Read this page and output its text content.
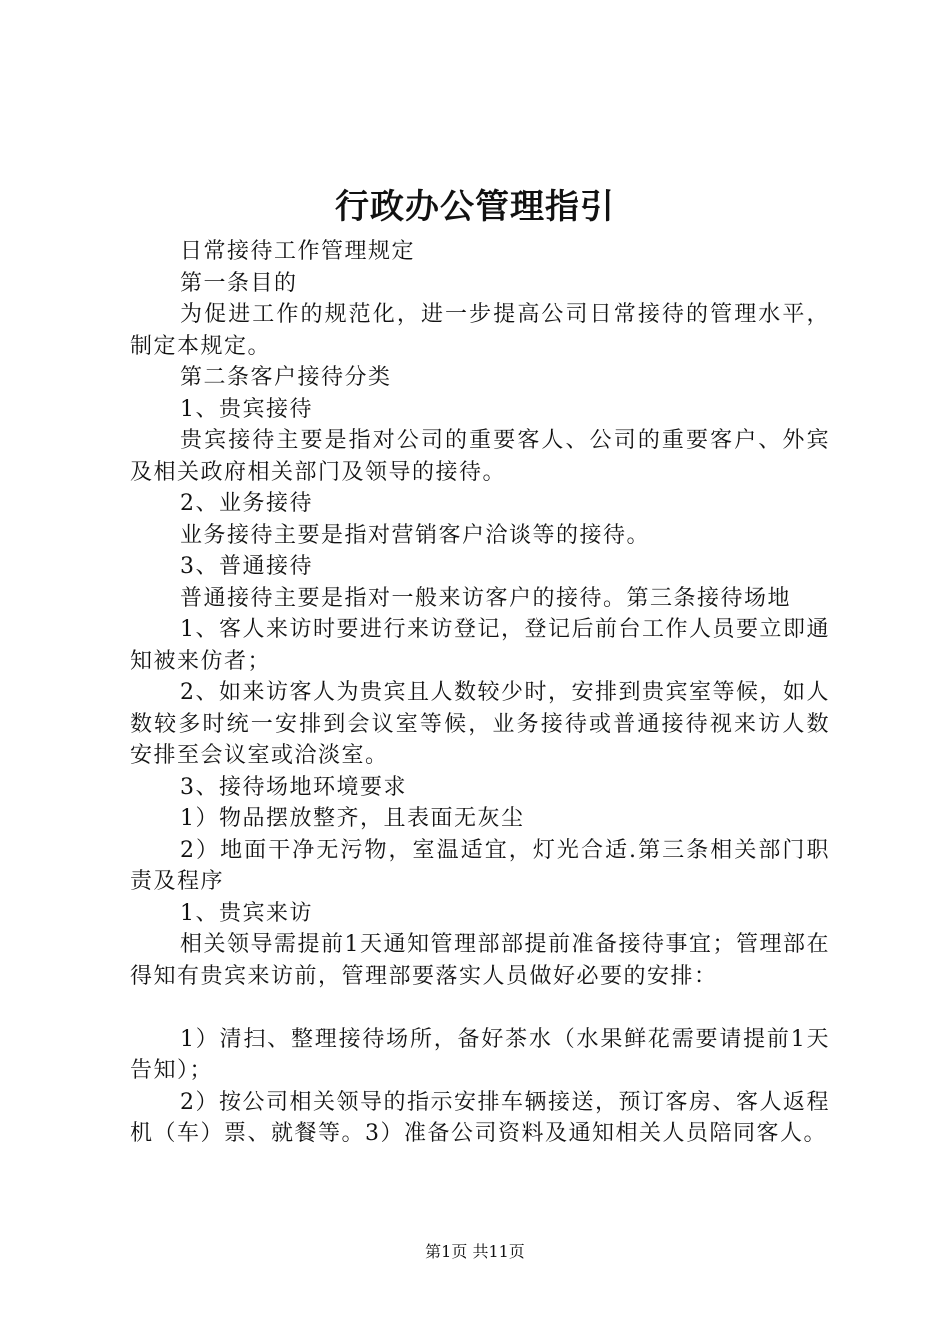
行政办公管理指引

日常接待工作管理规定

第一条目的

为促进工作的规范化，进一步提高公司日常接待的管理水平，制定本规定。

第二条客户接待分类

1、贵宾接待

贵宾接待主要是指对公司的重要客人、公司的重要客户、外宾及相关政府相关部门及领导的接待。

2、业务接待

业务接待主要是指对营销客户洽谈等的接待。

3、普通接待

普通接待主要是指对一般来访客户的接待。第三条接待场地

1、客人来访时要进行来访登记，登记后前台工作人员要立即通知被来仿者；

2、如来访客人为贵宾且人数较少时，安排到贵宾室等候，如人数较多时统一安排到会议室等候，业务接待或普通接待视来访人数安排至会议室或洽淡室。

3、接待场地环境要求

1）物品摆放整齐，且表面无灰尘

2）地面干净无污物，室温适宜，灯光合适.第三条相关部门职责及程序

1、贵宾来访

相关领导需提前1天通知管理部部提前准备接待事宜；管理部在得知有贵宾来访前，管理部要落实人员做好必要的安排：

1）清扫、整理接待场所，备好茶水（水果鲜花需要请提前1天告知）；

2）按公司相关领导的指示安排车辆接送，预订客房、客人返程机（车）票、就餐等。3）准备公司资料及通知相关人员陪同客人。

第1页 共11页
